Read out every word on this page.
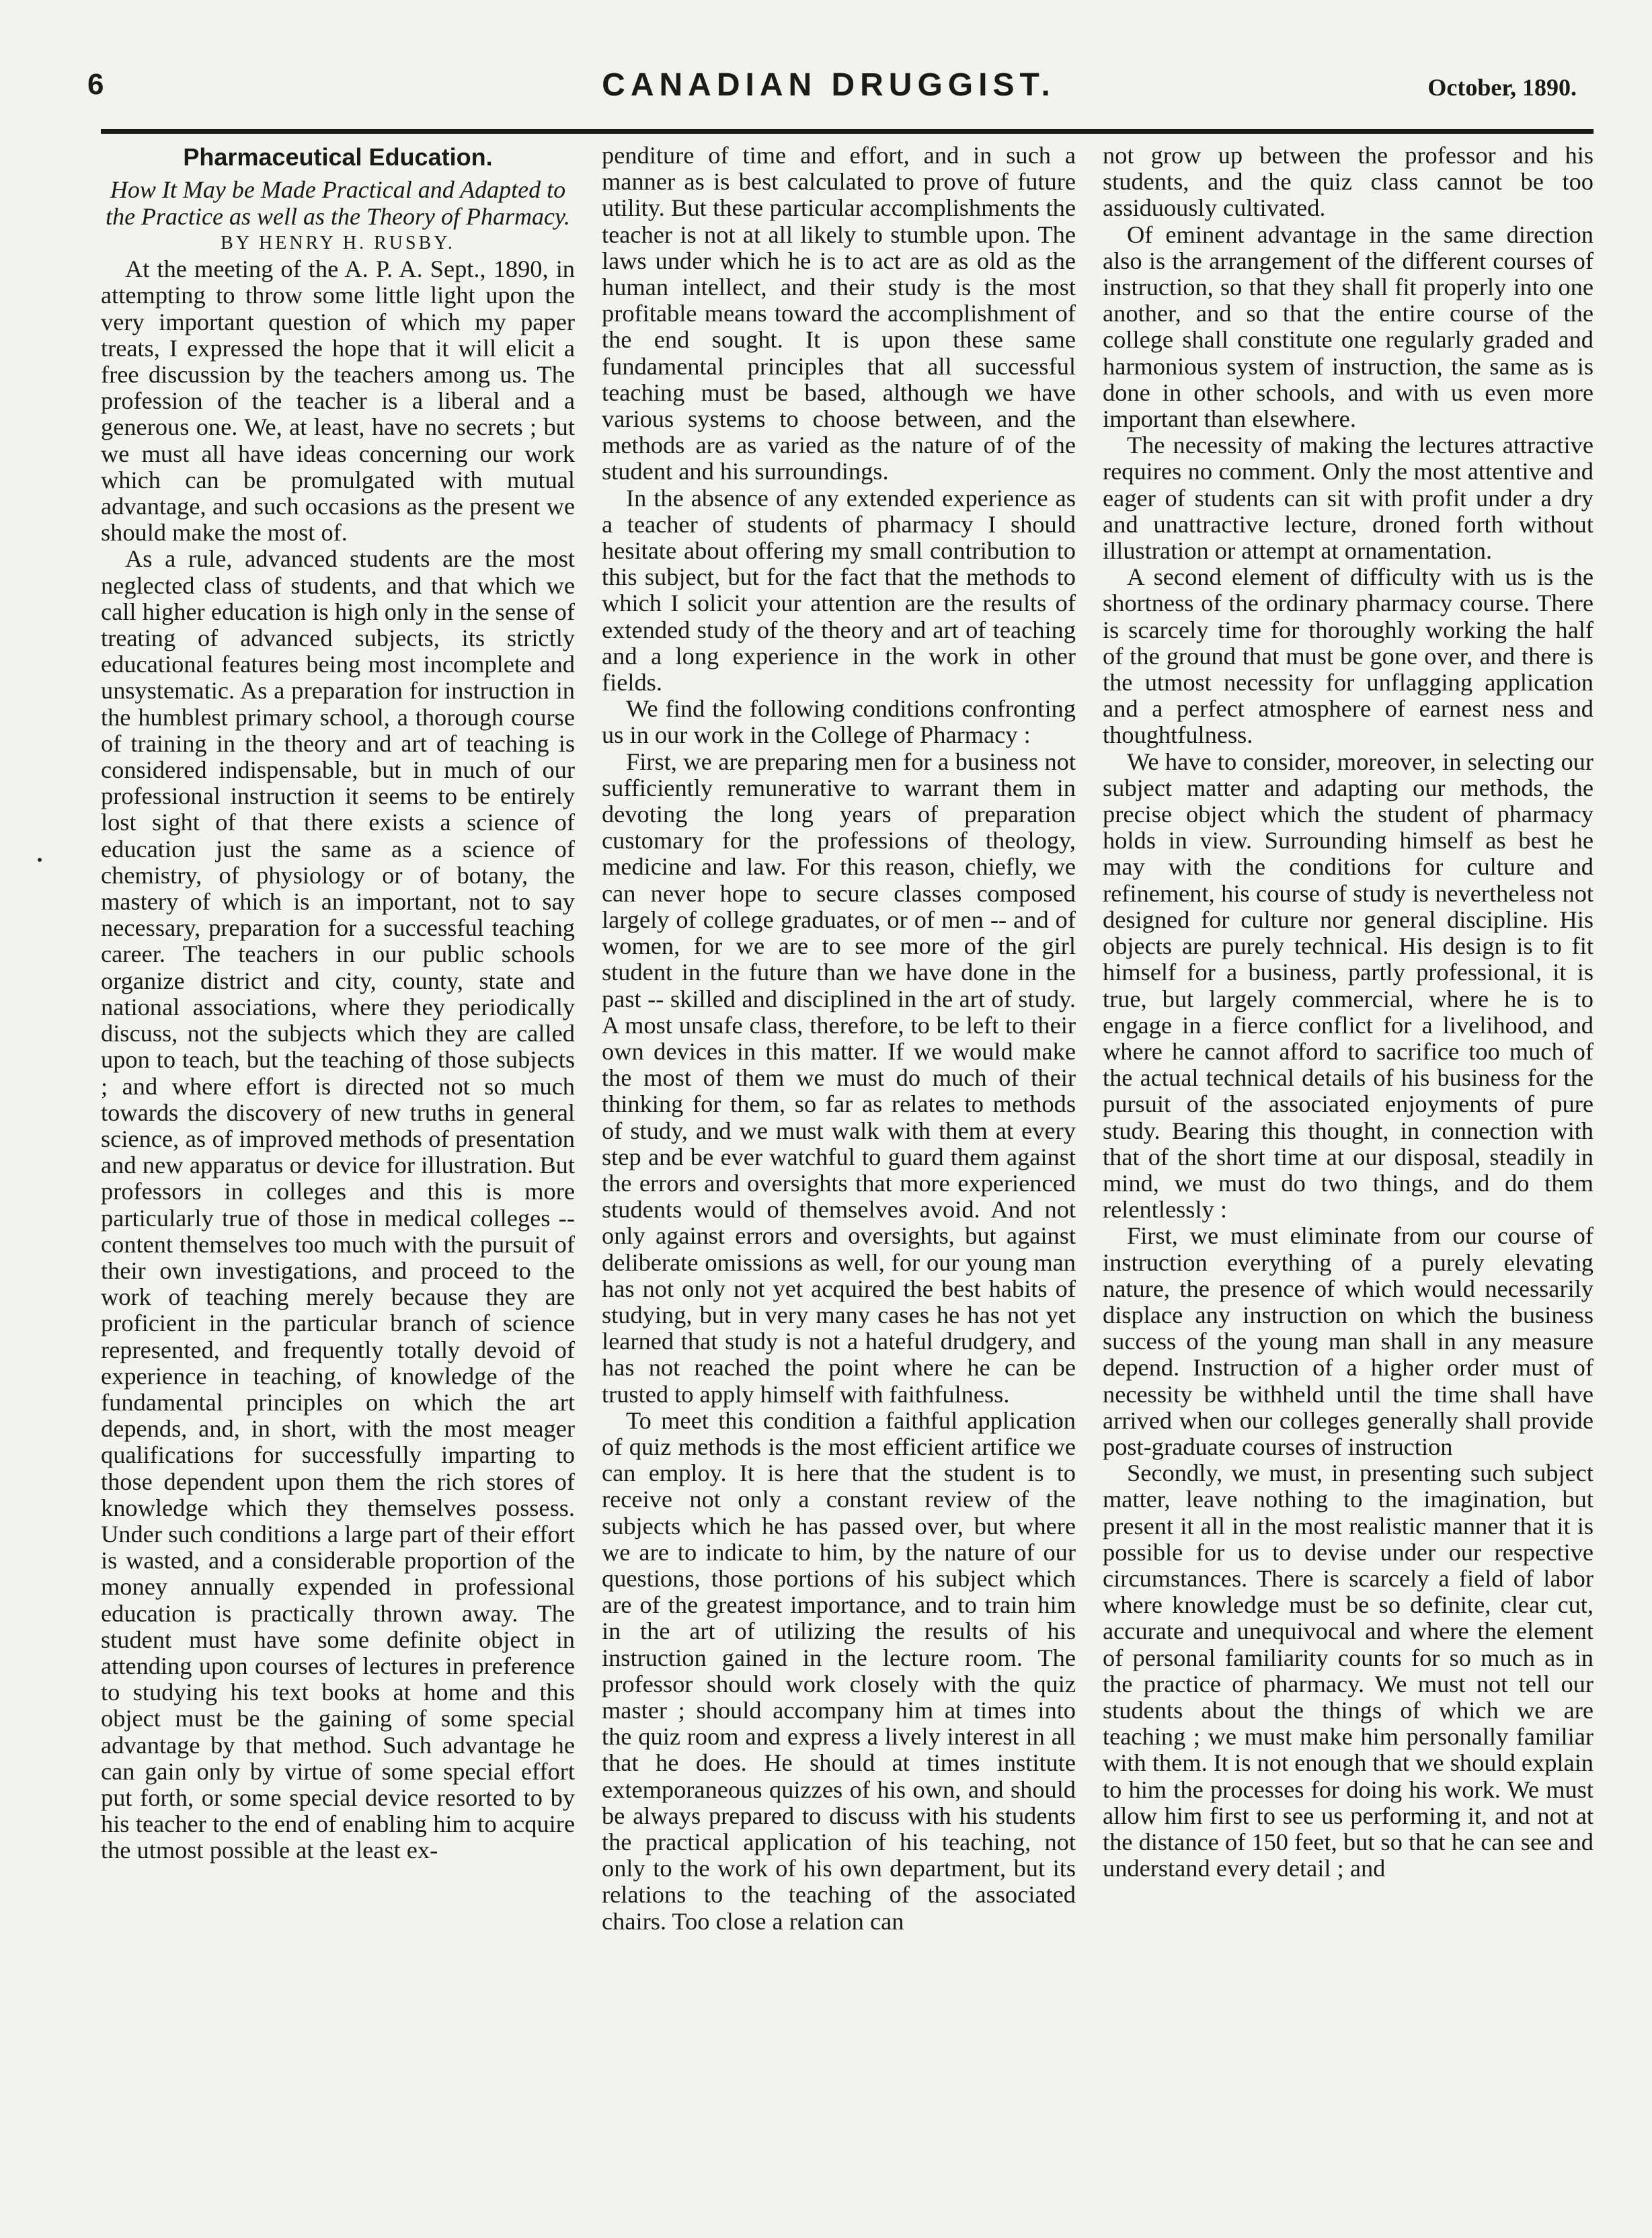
6	CANADIAN DRUGGIST.	October, 1890.
Pharmaceutical Education.

How It May be Made Practical and Adapted to the Practice as well as the Theory of Pharmacy.

BY HENRY H. RUSBY.

At the meeting of the A. P. A. Sept., 1890, in attempting to throw some little light upon the very important question of which my paper treats, I expressed the hope that it will elicit a free discussion by the teachers among us. The profession of the teacher is a liberal and a generous one. We, at least, have no secrets ; but we must all have ideas concerning our work which can be promulgated with mutual advantage, and such occasions as the present we should make the most of.

As a rule, advanced students are the most neglected class of students, and that which we call higher education is high only in the sense of treating of advanced subjects, its strictly educational features being most incomplete and unsystematic. As a preparation for instruction in the humblest primary school, a thorough course of training in the theory and art of teaching is considered indispensable, but in much of our professional instruction it seems to be entirely lost sight of that there exists a science of education just the same as a science of chemistry, of physiology or of botany, the mastery of which is an important, not to say necessary, preparation for a successful teaching career. The teachers in our public schools organize district and city, county, state and national associations, where they periodically discuss, not the subjects which they are called upon to teach, but the teaching of those subjects ; and where effort is directed not so much towards the discovery of new truths in general science, as of improved methods of presentation and new apparatus or device for illustration. But professors in colleges and this is more particularly true of those in medical colleges --content themselves too much with the pursuit of their own investigations, and proceed to the work of teaching merely because they are proficient in the particular branch of science represented, and frequently totally devoid of experience in teaching, of knowledge of the fundamental principles on which the art depends, and, in short, with the most meager qualifications for successfully imparting to those dependent upon them the rich stores of knowledge which they themselves possess. Under such conditions a large part of their effort is wasted, and a considerable proportion of the money annually expended in professional education is practically thrown away. The student must have some definite object in attending upon courses of lectures in preference to studying his text books at home and this object must be the gaining of some special advantage by that method. Such advantage he can gain only by virtue of some special effort put forth, or some special device resorted to by his teacher to the end of enabling him to acquire the utmost possible at the least ex-

penditure of time and effort, and in such a manner as is best calculated to prove of future utility. But these particular accomplishments the teacher is not at all likely to stumble upon. The laws under which he is to act are as old as the human intellect, and their study is the most profitable means toward the accomplishment of the end sought. It is upon these same fundamental principles that all successful teaching must be based, although we have various systems to choose between, and the methods are as varied as the nature of of the student and his surroundings.

In the absence of any extended experience as a teacher of students of pharmacy I should hesitate about offering my small contribution to this subject, but for the fact that the methods to which I solicit your attention are the results of extended study of the theory and art of teaching and a long experience in the work in other fields.

We find the following conditions confronting us in our work in the College of Pharmacy :

First, we are preparing men for a business not sufficiently remunerative to warrant them in devoting the long years of preparation customary for the professions of theology, medicine and law. For this reason, chiefly, we can never hope to secure classes composed largely of college graduates, or of men -- and of women, for we are to see more of the girl student in the future than we have done in the past -- skilled and disciplined in the art of study. A most unsafe class, therefore, to be left to their own devices in this matter. If we would make the most of them we must do much of their thinking for them, so far as relates to methods of study, and we must walk with them at every step and be ever watchful to guard them against the errors and oversights that more experienced students would of themselves avoid. And not only against errors and oversights, but against deliberate omissions as well, for our young man has not only not yet acquired the best habits of studying, but in very many cases he has not yet learned that study is not a hateful drudgery, and has not reached the point where he can be trusted to apply himself with faithfulness.

To meet this condition a faithful application of quiz methods is the most efficient artifice we can employ. It is here that the student is to receive not only a constant review of the subjects which he has passed over, but where we are to indicate to him, by the nature of our questions, those portions of his subject which are of the greatest importance, and to train him in the art of utilizing the results of his instruction gained in the lecture room. The professor should work closely with the quiz master ; should accompany him at times into the quiz room and express a lively interest in all that he does. He should at times institute extemporaneous quizzes of his own, and should be always prepared to discuss with his students the practical application of his teaching, not only to the work of his own department, but its relations to the teaching of the associated chairs. Too close a relation can

not grow up between the professor and his students, and the quiz class cannot be too assiduously cultivated.

Of eminent advantage in the same direction also is the arrangement of the different courses of instruction, so that they shall fit properly into one another, and so that the entire course of the college shall constitute one regularly graded and harmonious system of instruction, the same as is done in other schools, and with us even more important than elsewhere.

The necessity of making the lectures attractive requires no comment. Only the most attentive and eager of students can sit with profit under a dry and unattractive lecture, droned forth without illustration or attempt at ornamentation.

A second element of difficulty with us is the shortness of the ordinary pharmacy course. There is scarcely time for thoroughly working the half of the ground that must be gone over, and there is the utmost necessity for unflagging application and a perfect atmosphere of earnest ness and thoughtfulness.

We have to consider, moreover, in selecting our subject matter and adapting our methods, the precise object which the student of pharmacy holds in view. Surrounding himself as best he may with the conditions for culture and refinement, his course of study is nevertheless not designed for culture nor general discipline. His objects are purely technical. His design is to fit himself for a business, partly professional, it is true, but largely commercial, where he is to engage in a fierce conflict for a livelihood, and where he cannot afford to sacrifice too much of the actual technical details of his business for the pursuit of the associated enjoyments of pure study. Bearing this thought, in connection with that of the short time at our disposal, steadily in mind, we must do two things, and do them relentlessly :

First, we must eliminate from our course of instruction everything of a purely elevating nature, the presence of which would necessarily displace any instruction on which the business success of the young man shall in any measure depend. Instruction of a higher order must of necessity be withheld until the time shall have arrived when our colleges generally shall provide post-graduate courses of instruction

Secondly, we must, in presenting such subject matter, leave nothing to the imagination, but present it all in the most realistic manner that it is possible for us to devise under our respective circumstances. There is scarcely a field of labor where knowledge must be so definite, clear cut, accurate and unequivocal and where the element of personal familiarity counts for so much as in the practice of pharmacy. We must not tell our students about the things of which we are teaching ; we must make him personally familiar with them. It is not enough that we should explain to him the processes for doing his work. We must allow him first to see us performing it, and not at the distance of 150 feet, but so that he can see and understand every detail ; and
